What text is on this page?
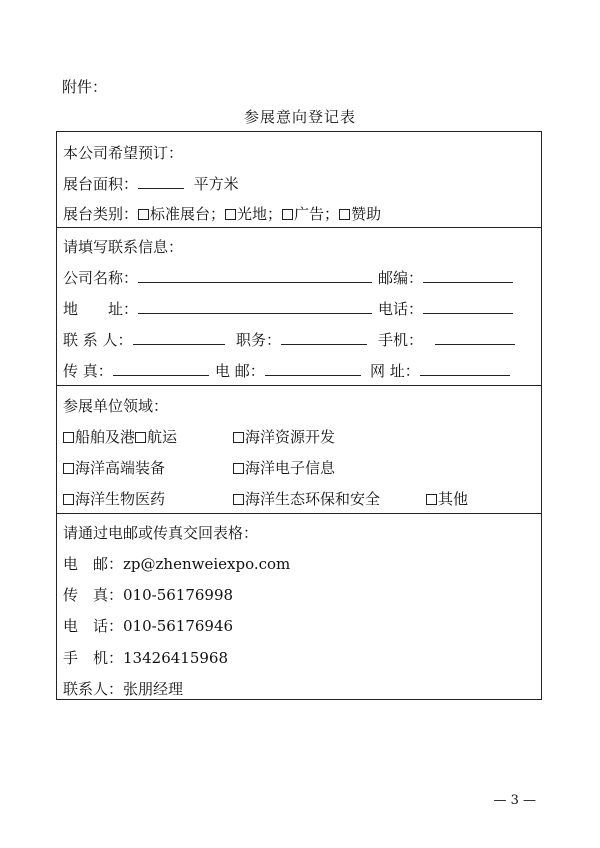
附件：
参展意向登记表
本公司希望预订：
展台面积：	平方米
展台类别： 标准展台； 光地； 广告； 赞助
请填写联系信息：
公司名称：	邮编：
地 址：	电话：
联 系 人：	职务：	手机：
传 真：	电 邮：	网 址：
参展单位领域：
船舶及港 航运	海洋资源开发
海洋高端装备	海洋电子信息
海洋生物医药	海洋生态环保和安全	其他
请通过电邮或传真交回表格：
电　邮：zp@zhenweiexpo.com
传　真：010-56176998
电　话：010-56176946
手　机：13426415968
联系人：张朋经理
— 3 —
